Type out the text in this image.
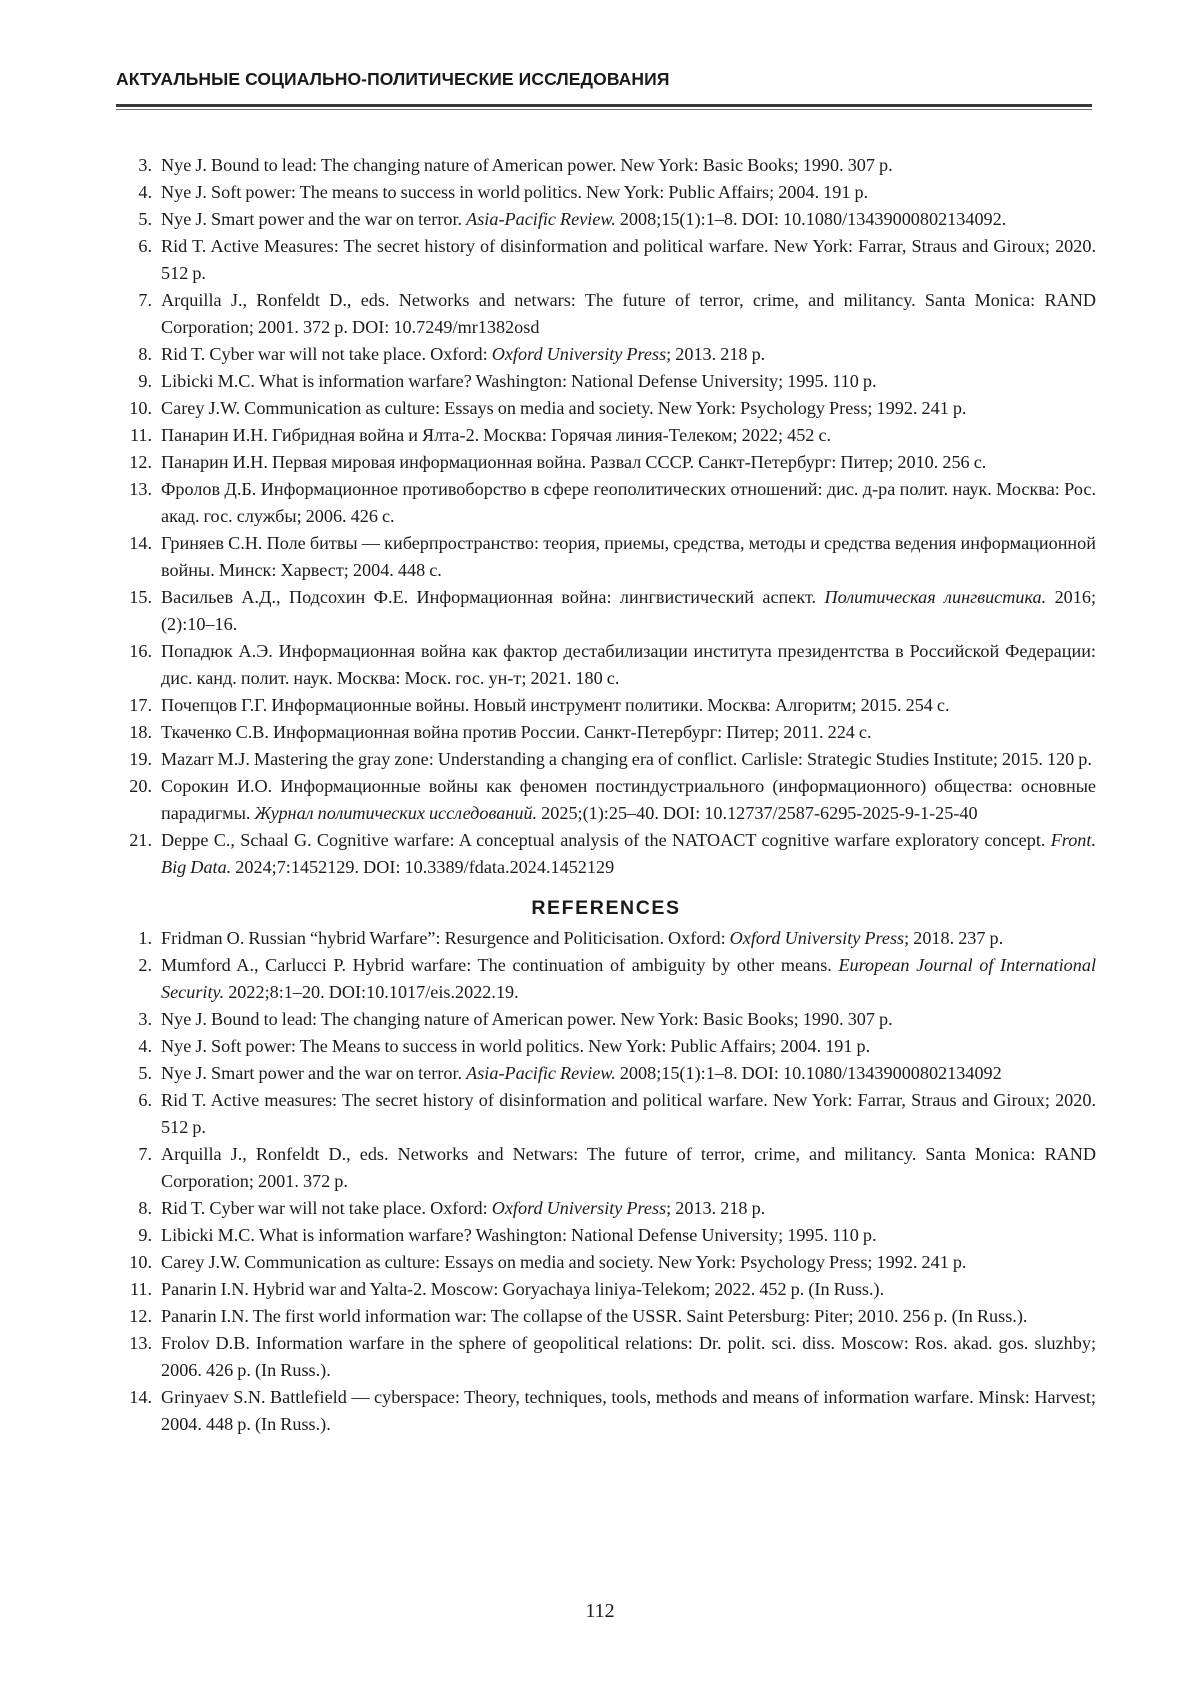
АКТУАЛЬНЫЕ СОЦИАЛЬНО-ПОЛИТИЧЕСКИЕ ИССЛЕДОВАНИЯ
3. Nye J. Bound to lead: The changing nature of American power. New York: Basic Books; 1990. 307 p.
4. Nye J. Soft power: The means to success in world politics. New York: Public Affairs; 2004. 191 p.
5. Nye J. Smart power and the war on terror. Asia-Pacific Review. 2008;15(1):1–8. DOI: 10.1080/13439000802134092.
6. Rid T. Active Measures: The secret history of disinformation and political warfare. New York: Farrar, Straus and Giroux; 2020. 512 p.
7. Arquilla J., Ronfeldt D., eds. Networks and netwars: The future of terror, crime, and militancy. Santa Monica: RAND Corporation; 2001. 372 p. DOI: 10.7249/mr1382osd
8. Rid T. Cyber war will not take place. Oxford: Oxford University Press; 2013. 218 p.
9. Libicki M.C. What is information warfare? Washington: National Defense University; 1995. 110 p.
10. Carey J.W. Communication as culture: Essays on media and society. New York: Psychology Press; 1992. 241 p.
11. Панарин И.Н. Гибридная война и Ялта-2. Москва: Горячая линия-Телеком; 2022; 452 с.
12. Панарин И.Н. Первая мировая информационная война. Развал СССР. Санкт-Петербург: Питер; 2010. 256 с.
13. Фролов Д.Б. Информационное противоборство в сфере геополитических отношений: дис. д-ра полит. наук. Москва: Рос. акад. гос. службы; 2006. 426 с.
14. Гриняев С.Н. Поле битвы — киберпространство: теория, приемы, средства, методы и средства ведения информационной войны. Минск: Харвест; 2004. 448 с.
15. Васильев А.Д., Подсохин Ф.Е. Информационная война: лингвистический аспект. Политическая лингвистика. 2016;(2):10–16.
16. Попадюк А.Э. Информационная война как фактор дестабилизации института президентства в Российской Федерации: дис. канд. полит. наук. Москва: Моск. гос. ун-т; 2021. 180 с.
17. Почепцов Г.Г. Информационные войны. Новый инструмент политики. Москва: Алгоритм; 2015. 254 с.
18. Ткаченко С.В. Информационная война против России. Санкт-Петербург: Питер; 2011. 224 с.
19. Mazarr M.J. Mastering the gray zone: Understanding a changing era of conflict. Carlisle: Strategic Studies Institute; 2015. 120 p.
20. Сорокин И.О. Информационные войны как феномен постиндустриального (информационного) общества: основные парадигмы. Журнал политических исследований. 2025;(1):25–40. DOI: 10.12737/2587-6295-2025-9-1-25-40
21. Deppe C., Schaal G. Cognitive warfare: A conceptual analysis of the NATOACT cognitive warfare exploratory concept. Front. Big Data. 2024;7:1452129. DOI: 10.3389/fdata.2024.1452129
REFERENCES
1. Fridman O. Russian “hybrid Warfare”: Resurgence and Politicisation. Oxford: Oxford University Press; 2018. 237 p.
2. Mumford A., Carlucci P. Hybrid warfare: The continuation of ambiguity by other means. European Journal of International Security. 2022;8:1–20. DOI:10.1017/eis.2022.19.
3. Nye J. Bound to lead: The changing nature of American power. New York: Basic Books; 1990. 307 p.
4. Nye J. Soft power: The Means to success in world politics. New York: Public Affairs; 2004. 191 p.
5. Nye J. Smart power and the war on terror. Asia-Pacific Review. 2008;15(1):1–8. DOI: 10.1080/13439000802134092
6. Rid T. Active measures: The secret history of disinformation and political warfare. New York: Farrar, Straus and Giroux; 2020. 512 p.
7. Arquilla J., Ronfeldt D., eds. Networks and Netwars: The future of terror, crime, and militancy. Santa Monica: RAND Corporation; 2001. 372 p.
8. Rid T. Cyber war will not take place. Oxford: Oxford University Press; 2013. 218 p.
9. Libicki M.C. What is information warfare? Washington: National Defense University; 1995. 110 p.
10. Carey J.W. Communication as culture: Essays on media and society. New York: Psychology Press; 1992. 241 p.
11. Panarin I.N. Hybrid war and Yalta-2. Moscow: Goryachaya liniya-Telekom; 2022. 452 p. (In Russ.).
12. Panarin I.N. The first world information war: The collapse of the USSR. Saint Petersburg: Piter; 2010. 256 p. (In Russ.).
13. Frolov D.B. Information warfare in the sphere of geopolitical relations: Dr. polit. sci. diss. Moscow: Ros. akad. gos. sluzhby; 2006. 426 p. (In Russ.).
14. Grinyaev S.N. Battlefield — cyberspace: Theory, techniques, tools, methods and means of information warfare. Minsk: Harvest; 2004. 448 p. (In Russ.).
112
